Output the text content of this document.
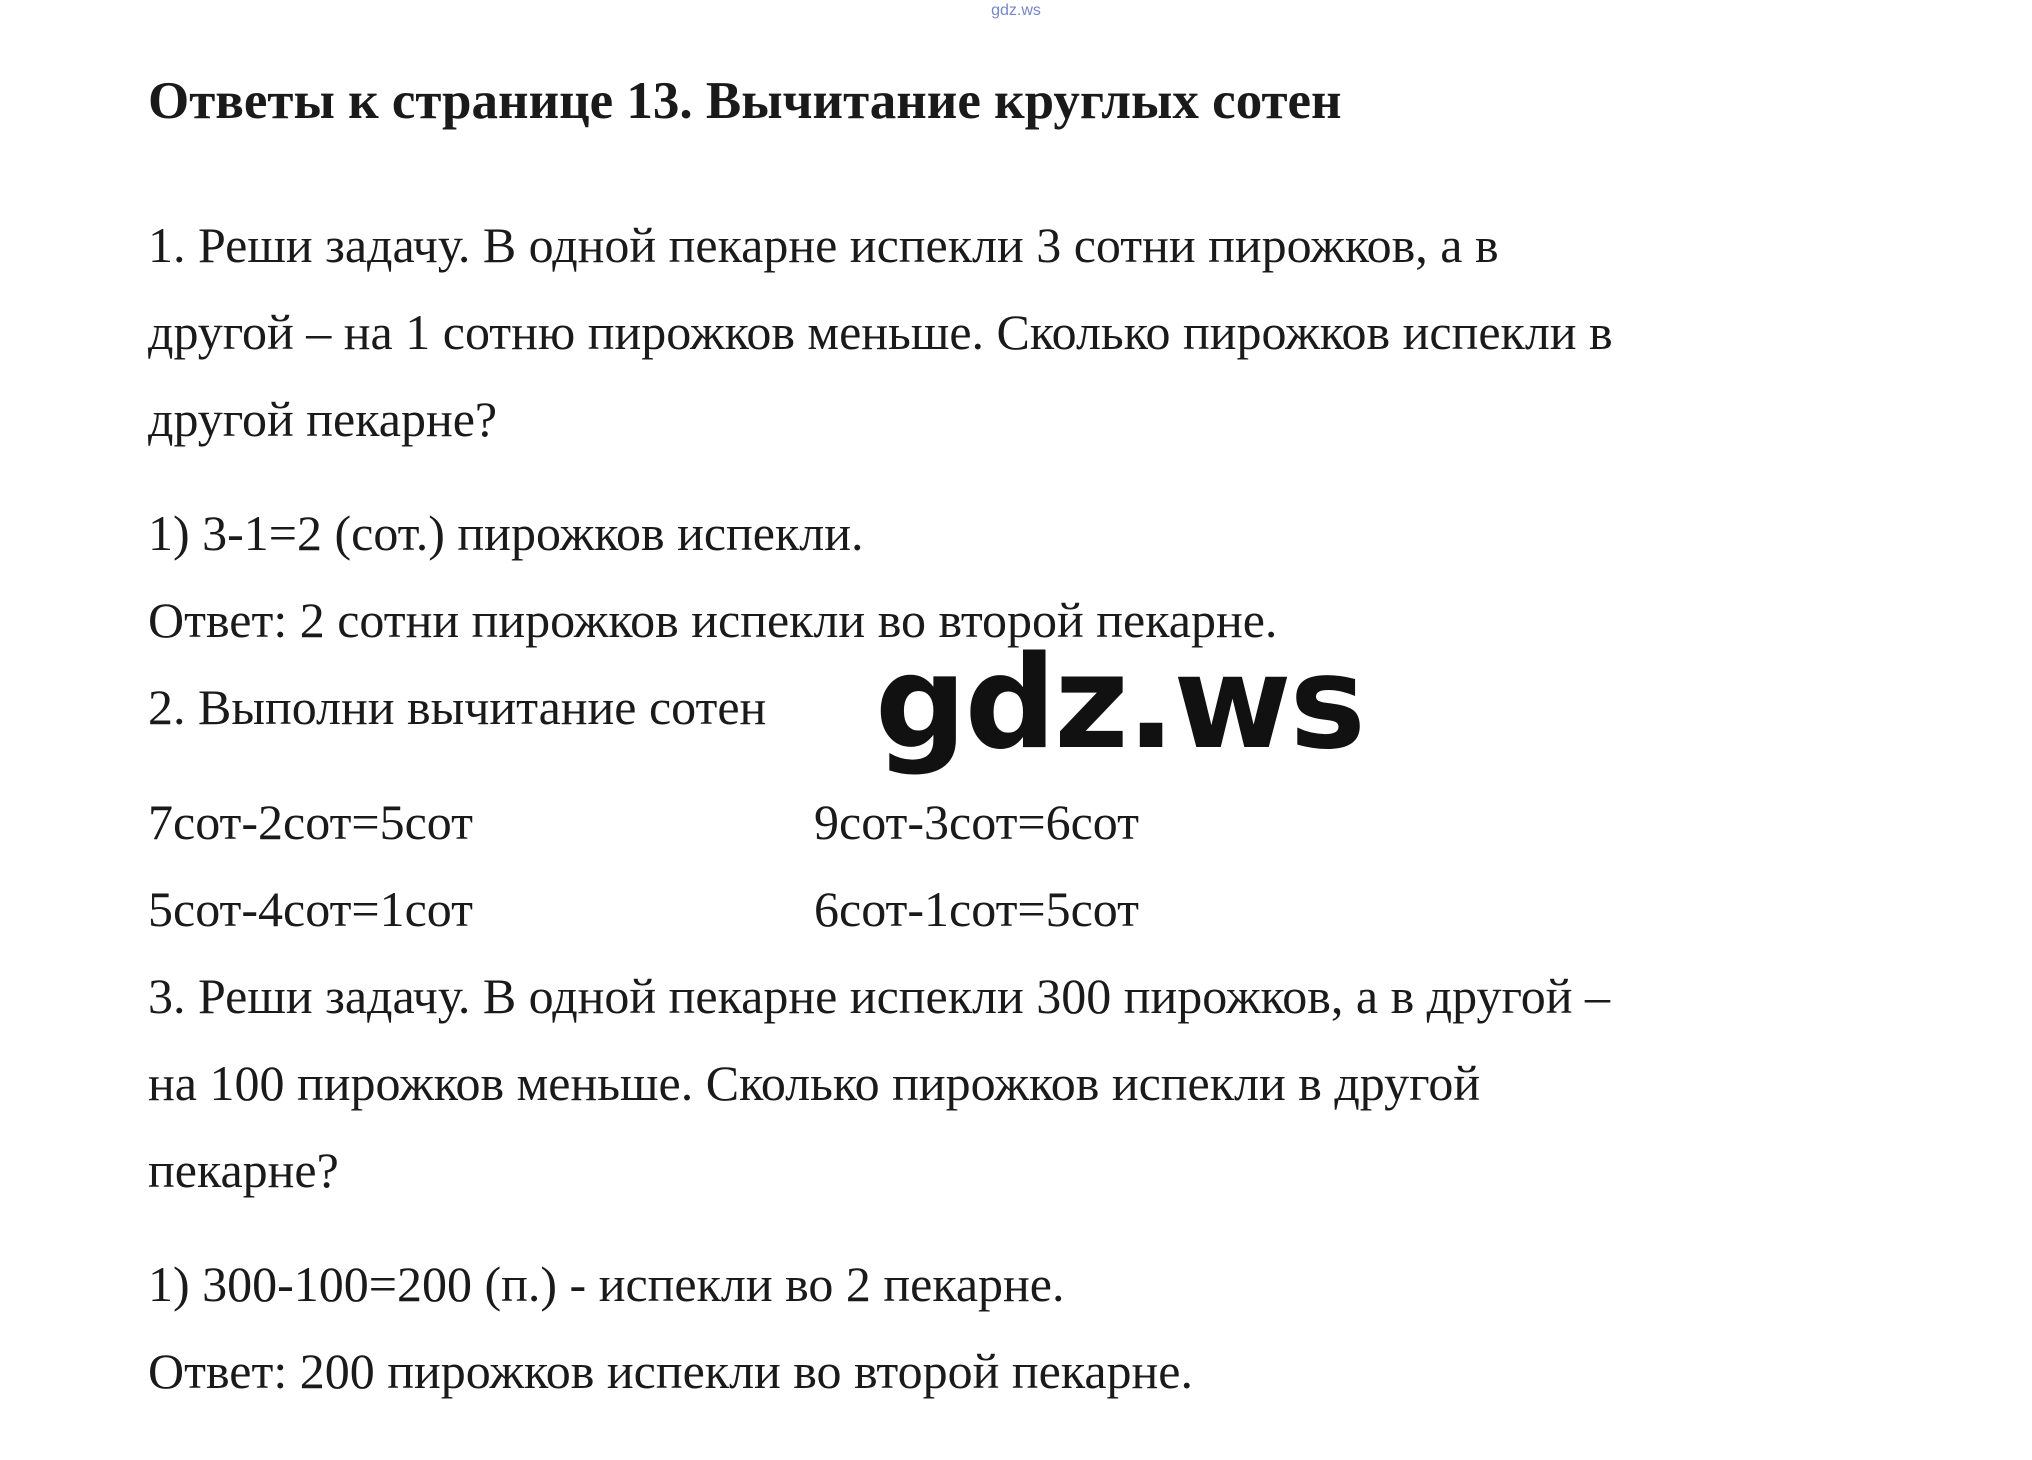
gdz.ws
Ответы к странице 13. Вычитание круглых сотен
1. Реши задачу. В одной пекарне испекли 3 сотни пирожков, а в
другой – на 1 сотню пирожков меньше. Сколько пирожков испекли в
другой пекарне?
1) 3-1=2 (сот.) пирожков испекли.
Ответ: 2 сотни пирожков испекли во второй пекарне.
2. Выполни вычитание сотен
7сот-2сот=5сот	9сот-3сот=6сот
5сот-4сот=1сот	6сот-1сот=5сот
3. Реши задачу. В одной пекарне испекли 300 пирожков, а в другой –
на 100 пирожков меньше. Сколько пирожков испекли в другой
пекарне?
1) 300-100=200 (п.) - испекли во 2 пекарне.
Ответ: 200 пирожков испекли во второй пекарне.
gdz.ws
